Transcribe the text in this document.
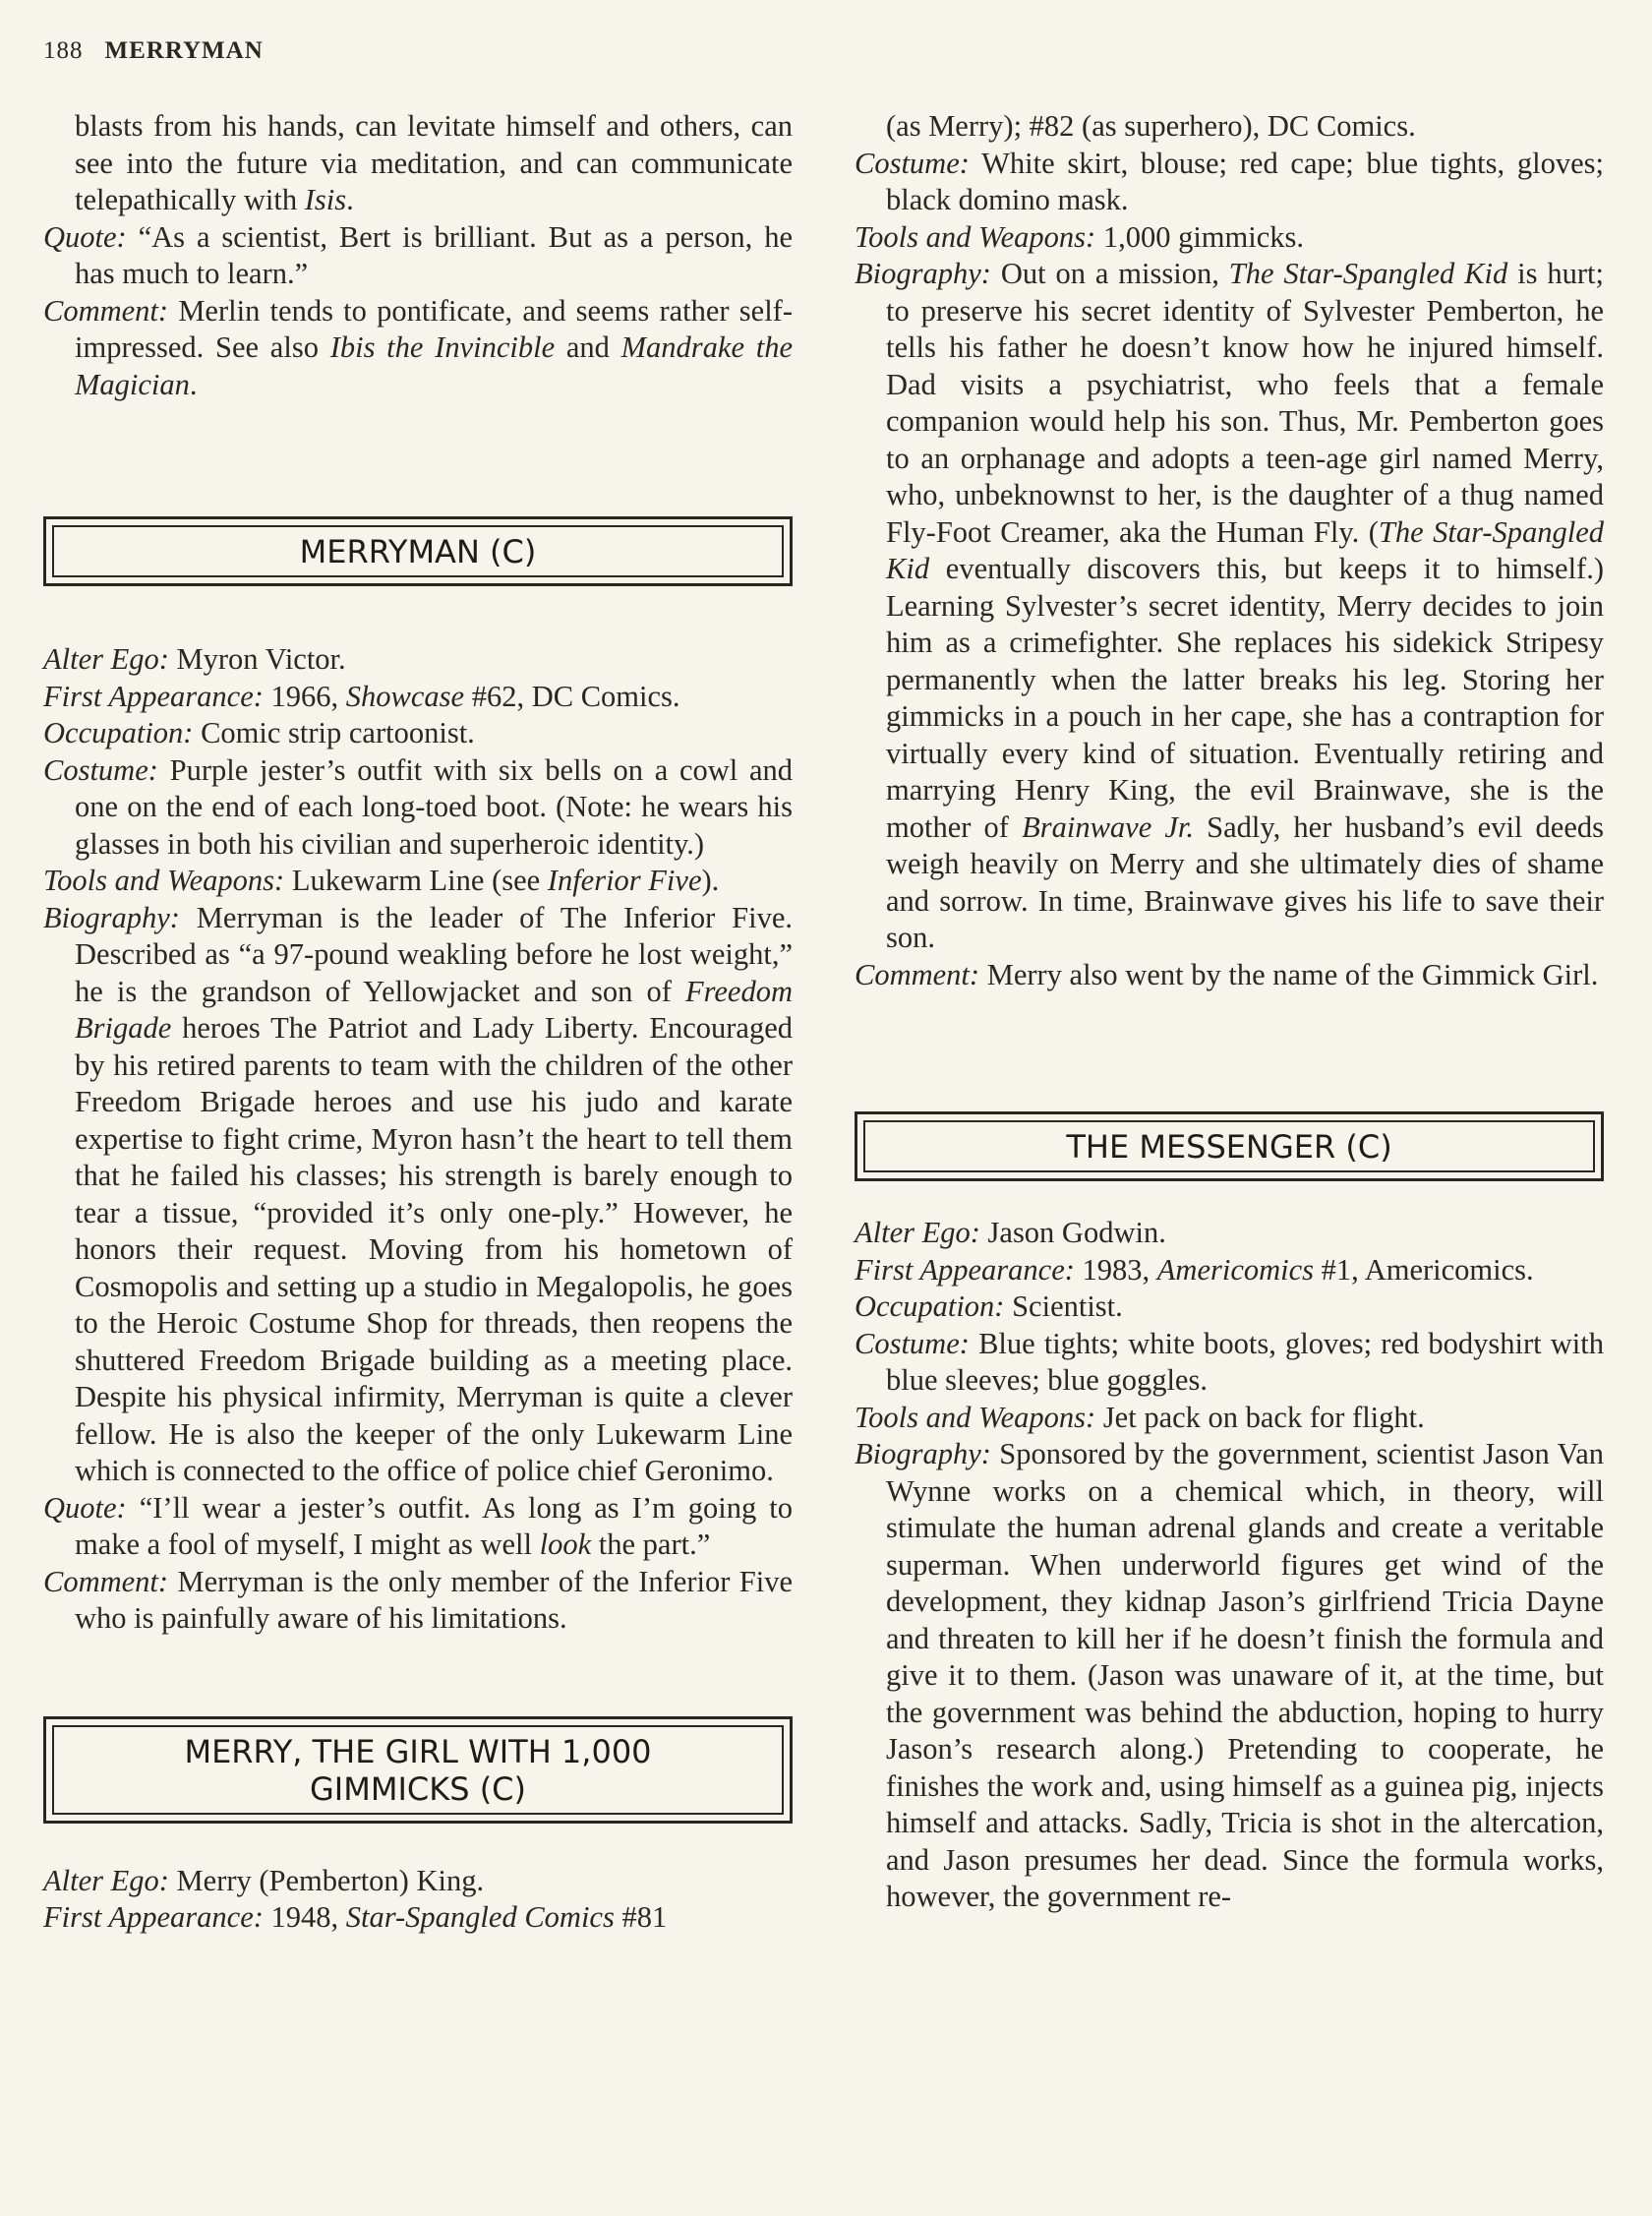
188 MERRYMAN
blasts from his hands, can levitate himself and others, can see into the future via meditation, and can communicate telepathically with Isis.
Quote: “As a scientist, Bert is brilliant. But as a person, he has much to learn.”
Comment: Merlin tends to pontificate, and seems rather self-impressed. See also Ibis the Invincible and Mandrake the Magician.
MERRYMAN (C)
Alter Ego: Myron Victor.
First Appearance: 1966, Showcase #62, DC Comics.
Occupation: Comic strip cartoonist.
Costume: Purple jester’s outfit with six bells on a cowl and one on the end of each long-toed boot. (Note: he wears his glasses in both his civilian and superheroic identity.)
Tools and Weapons: Lukewarm Line (see Inferior Five).
Biography: Merryman is the leader of The Inferior Five. Described as “a 97-pound weakling before he lost weight,” he is the grandson of Yellowjacket and son of Freedom Brigade heroes The Patriot and Lady Liberty. Encouraged by his retired parents to team with the children of the other Freedom Brigade heroes and use his judo and karate expertise to fight crime, Myron hasn’t the heart to tell them that he failed his classes; his strength is barely enough to tear a tissue, “provided it’s only one-ply.” However, he honors their request. Moving from his hometown of Cosmopolis and setting up a studio in Megalopolis, he goes to the Heroic Costume Shop for threads, then reopens the shuttered Freedom Brigade building as a meeting place. Despite his physical infirmity, Merryman is quite a clever fellow. He is also the keeper of the only Lukewarm Line which is connected to the office of police chief Geronimo.
Quote: “I’ll wear a jester’s outfit. As long as I’m going to make a fool of myself, I might as well look the part.”
Comment: Merryman is the only member of the Inferior Five who is painfully aware of his limitations.
MERRY, THE GIRL WITH 1,000 GIMMICKS (C)
Alter Ego: Merry (Pemberton) King.
First Appearance: 1948, Star-Spangled Comics #81
(as Merry); #82 (as superhero), DC Comics.
Costume: White skirt, blouse; red cape; blue tights, gloves; black domino mask.
Tools and Weapons: 1,000 gimmicks.
Biography: Out on a mission, The Star-Spangled Kid is hurt; to preserve his secret identity of Sylvester Pemberton, he tells his father he doesn’t know how he injured himself. Dad visits a psychiatrist, who feels that a female companion would help his son. Thus, Mr. Pemberton goes to an orphanage and adopts a teen-age girl named Merry, who, unbeknownst to her, is the daughter of a thug named Fly-Foot Creamer, aka the Human Fly. (The Star-Spangled Kid eventually discovers this, but keeps it to himself.) Learning Sylvester’s secret identity, Merry decides to join him as a crimefighter. She replaces his sidekick Stripesy permanently when the latter breaks his leg. Storing her gimmicks in a pouch in her cape, she has a contraption for virtually every kind of situation. Eventually retiring and marrying Henry King, the evil Brainwave, she is the mother of Brainwave Jr. Sadly, her husband’s evil deeds weigh heavily on Merry and she ultimately dies of shame and sorrow. In time, Brainwave gives his life to save their son.
Comment: Merry also went by the name of the Gimmick Girl.
THE MESSENGER (C)
Alter Ego: Jason Godwin.
First Appearance: 1983, Americomics #1, Americomics.
Occupation: Scientist.
Costume: Blue tights; white boots, gloves; red bodyshirt with blue sleeves; blue goggles.
Tools and Weapons: Jet pack on back for flight.
Biography: Sponsored by the government, scientist Jason Van Wynne works on a chemical which, in theory, will stimulate the human adrenal glands and create a veritable superman. When underworld figures get wind of the development, they kidnap Jason’s girlfriend Tricia Dayne and threaten to kill her if he doesn’t finish the formula and give it to them. (Jason was unaware of it, at the time, but the government was behind the abduction, hoping to hurry Jason’s research along.) Pretending to cooperate, he finishes the work and, using himself as a guinea pig, injects himself and attacks. Sadly, Tricia is shot in the altercation, and Jason presumes her dead. Since the formula works, however, the government re-
